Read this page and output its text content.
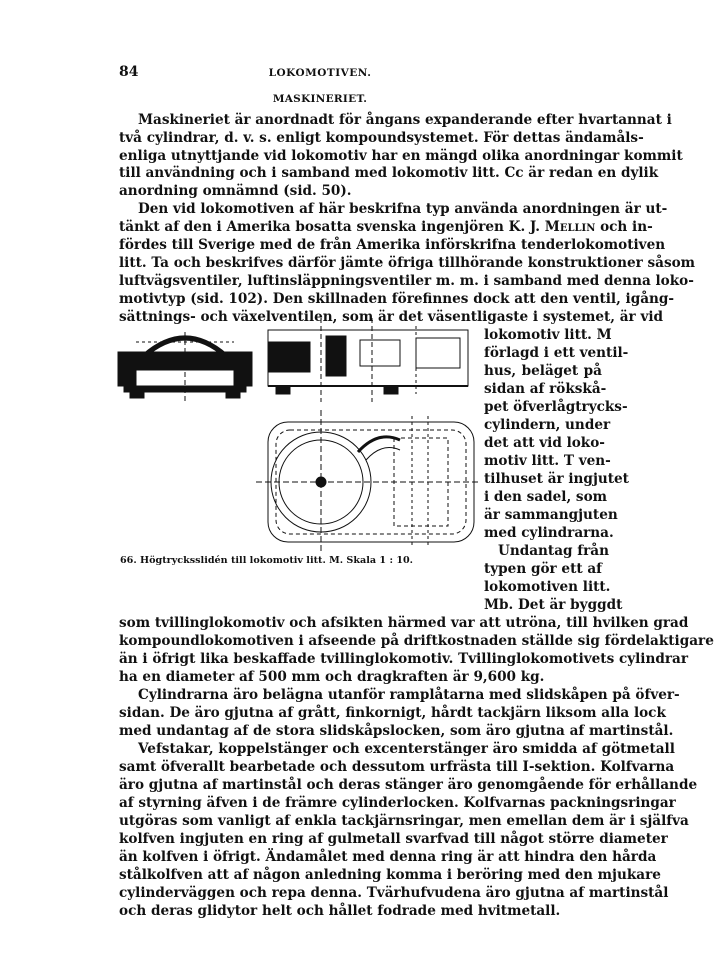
84	LOKOMOTIVEN.
MASKINERIET.
Maskineriet är anordnadt för ångans expanderande efter hvartannat i
två cylindrar, d. v. s. enligt kompoundsystemet. För dettas ändamåls-
enliga utnyttjande vid lokomotiv har en mängd olika anordningar kommit
till användning och i samband med lokomotiv litt. Cc är redan en dylik
anordning omnämnd (sid. 50).
Den vid lokomotiven af här beskrifna typ använda anordningen är ut-
tänkt af den i Amerika bosatta svenska ingenjören K. J. Mellin och in-
fördes till Sverige med de från Amerika införskrifna tenderlokomotiven
litt. Ta och beskrifves därför jämte öfriga tillhörande konstruktioner såsom
luftvägsventiler, luftinsläppningsventiler m. m. i samband med denna loko-
motivtyp (sid. 102). Den skillnaden förefinnes dock att den ventil, igång-
sättnings- och växelventilen, som är det väsentligaste i systemet, är vid
lokomotiv litt. M
förlagd i ett ventil-
hus, beläget på
sidan af rökskå-
pet öfverlågtrycks-
cylindern, under
det att vid loko-
motiv litt. T ven-
tilhuset är ingjutet
i den sadel, som
är sammangjuten
med cylindrarna.
Undantag från
typen gör ett af
lokomotiven litt.
Mb. Det är byggdt
som tvillinglokomotiv och afsikten härmed var att utröna, till hvilken grad
kompoundlokomotiven i afseende på driftkostnaden ställde sig fördelaktigare
än i öfrigt lika beskaffade tvillinglokomotiv. Tvillinglokomotivets cylindrar
ha en diameter af 500 mm och dragkraften är 9,600 kg.
Cylindrarna äro belägna utanför ramplåtarna med slidskåpen på öfver-
sidan. De äro gjutna af grått, finkornigt, hårdt tackjärn liksom alla lock
med undantag af de stora slidskåpslocken, som äro gjutna af martinstål.
Vefstakar, koppelstänger och excenterstänger äro smidda af götmetall
samt öfverallt bearbetade och dessutom urfrästa till I-sektion. Kolfvarna
äro gjutna af martinstål och deras stänger äro genomgående för erhållande
af styrning äfven i de främre cylinderlocken. Kolfvarnas packningsringar
utgöras som vanligt af enkla tackjärnsringar, men emellan dem är i själfva
kolfven ingjuten en ring af gulmetall svarfvad till något större diameter
än kolfven i öfrigt. Ändamålet med denna ring är att hindra den hårda
stålkolfven att af någon anledning komma i beröring med den mjukare
cylinderväggen och repa denna. Tvärhufvudena äro gjutna af martinstål
och deras glidytor helt och hållet fodrade med hvitmetall.
66. Högtrycksslidén till lokomotiv litt. M. Skala 1 : 10.
